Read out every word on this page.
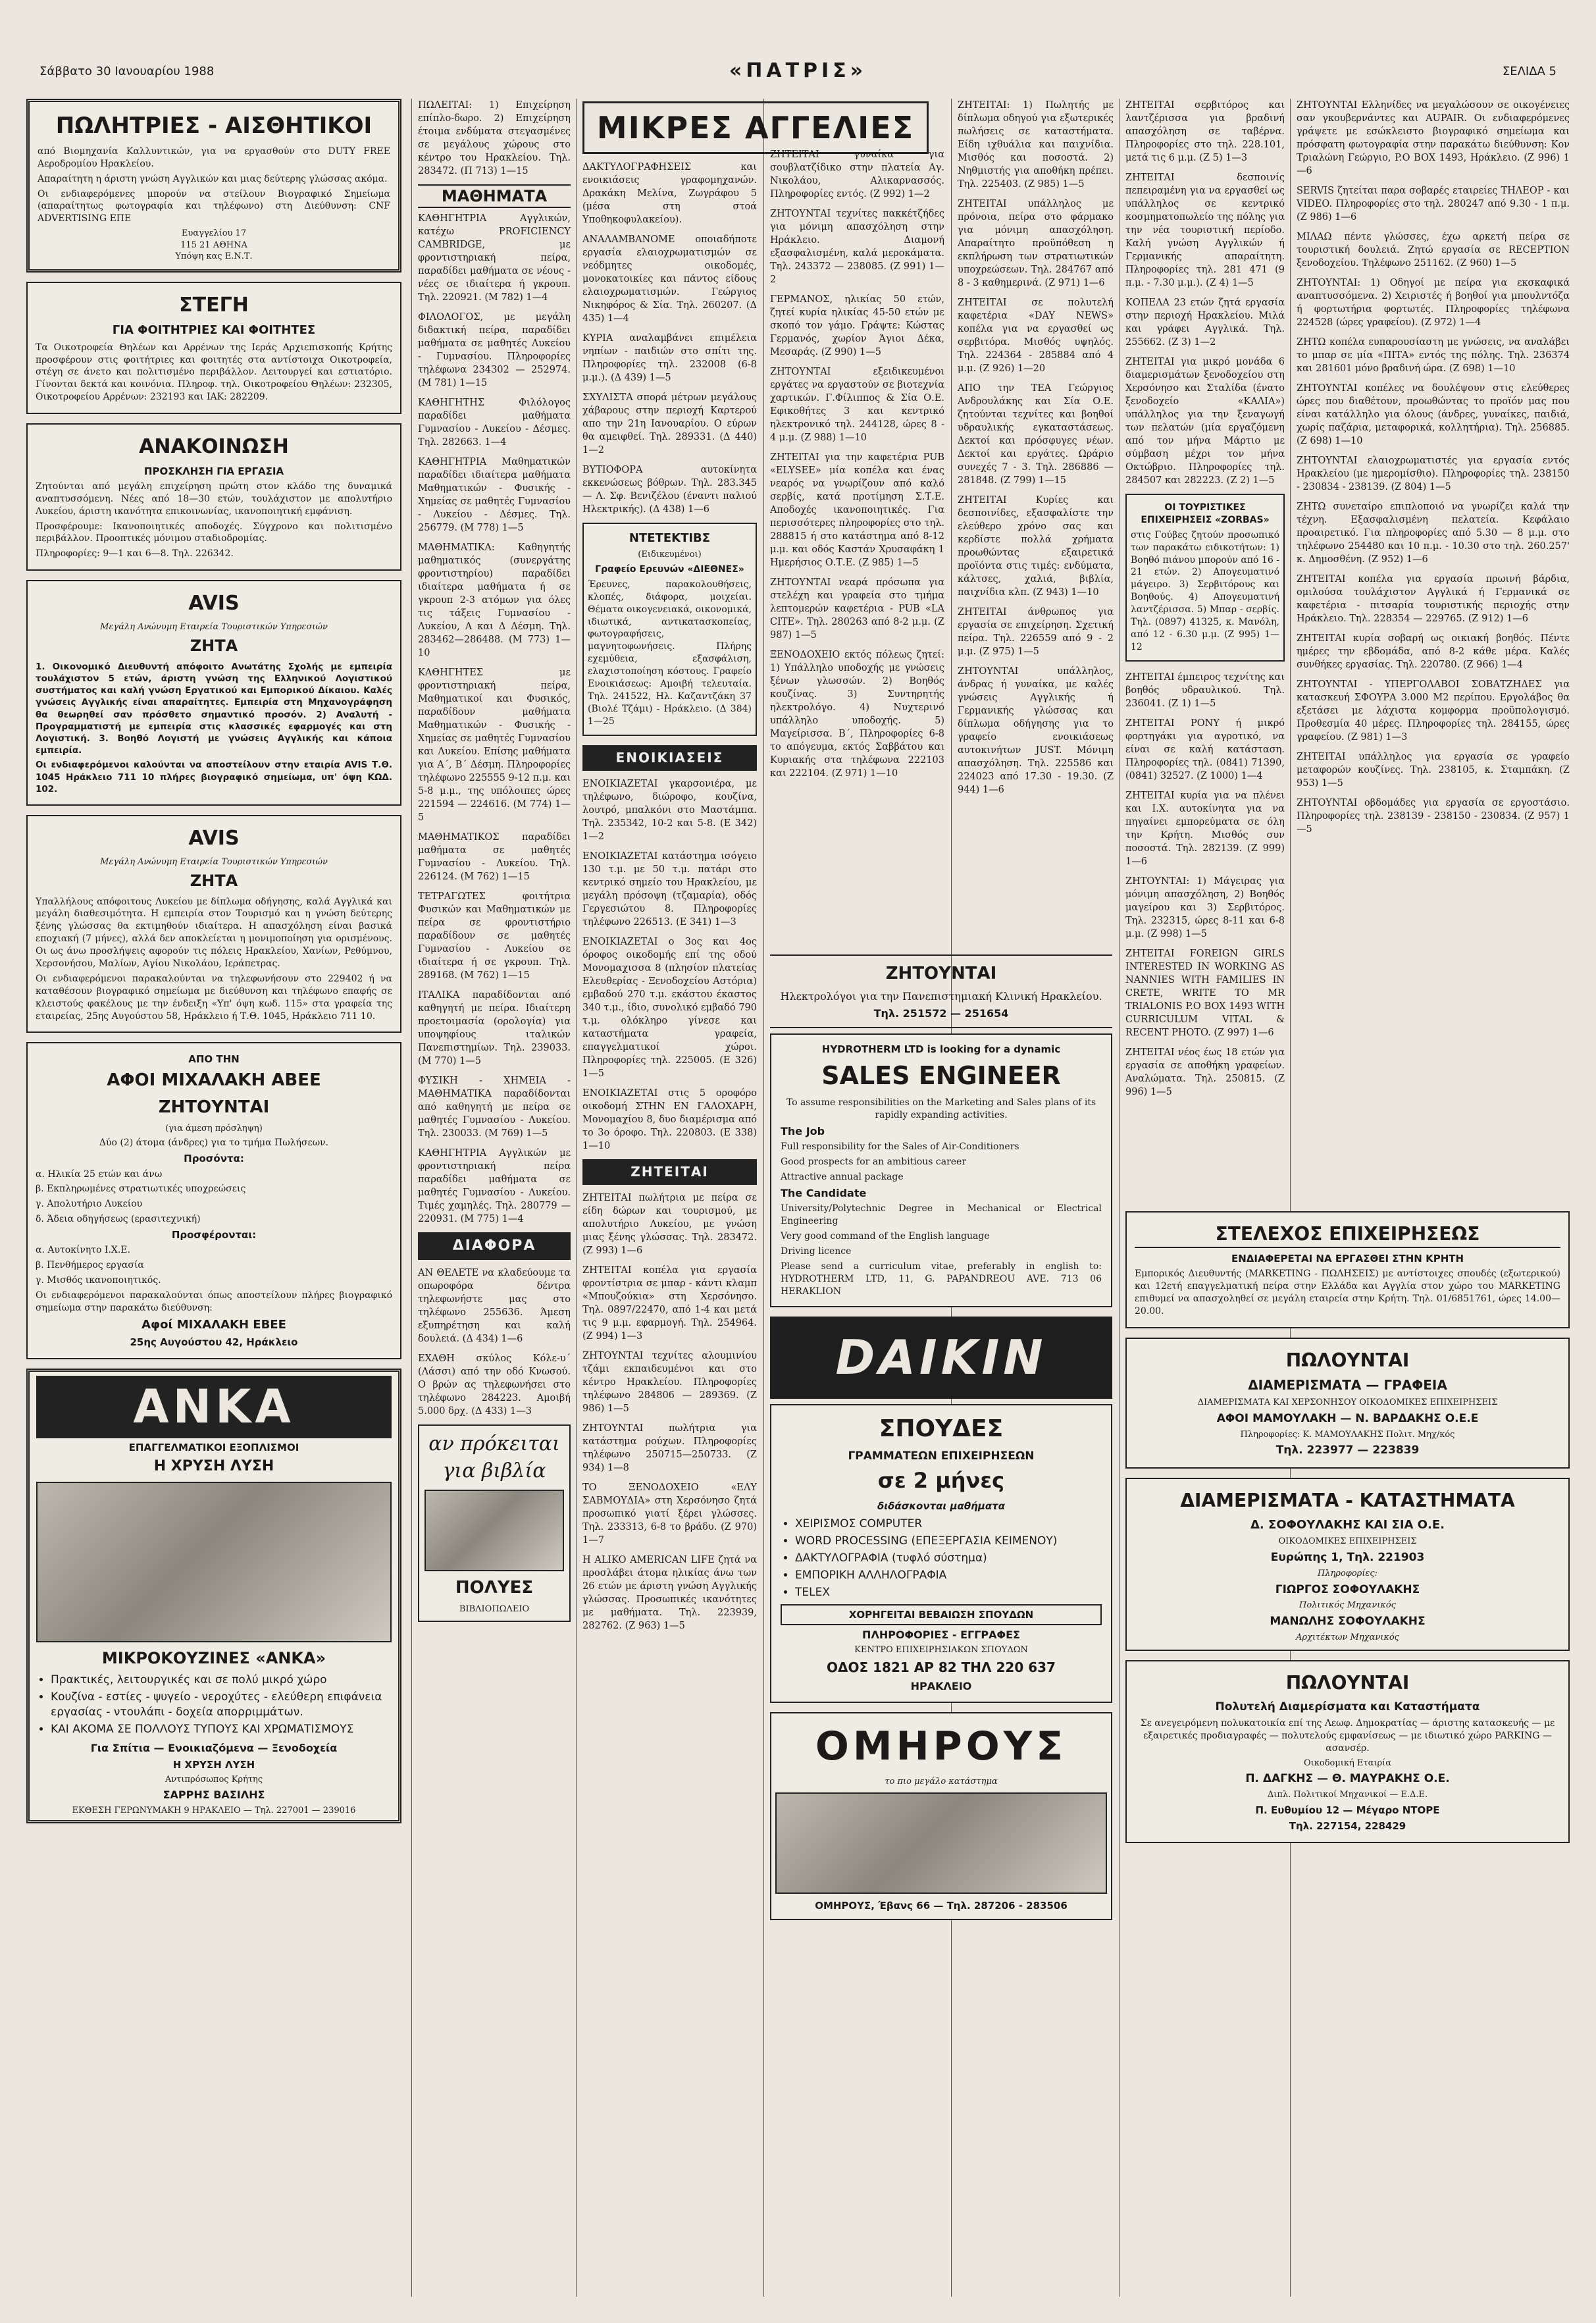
Σάββατο 30 Ιανουαρίου 1988	«ΠΑΤΡΙΣ»	ΣΕΛΙΔΑ 5
ΠΩΛΗΤΡΙΕΣ - ΑΙΣΘΗΤΙΚΟΙ
από Βιομηχανία Καλλυντικών, για να εργασθούν στο DUTY FREE Αεροδρομίου Ηρακλείου.
Απαραίτητη η άριστη γνώση Αγγλικών και μιας δεύτερης γλώσσας ακόμα.
Οι ενδιαφερόμενες μπορούν να στείλουν Βιογραφικό Σημείωμα (απαραίτητως φωτογραφία και τηλέφωνο) στη Διεύθυνση: CNF ADVERTISING ΕΠΕ
Ευαγγελίου 17
115 21 ΑΘΗΝΑ
Υπόψη κας Ε.Ν.Τ.
ΣΤΕΓΗ
ΓΙΑ ΦΟΙΤΗΤΡΙΕΣ ΚΑΙ ΦΟΙΤΗΤΕΣ
Τα Οικοτροφεία Θηλέων και Αρρένων της Ιεράς Αρχιεπισκοπής Κρήτης προσφέρουν στις φοιτήτριες και φοιτητές στα αντίστοιχα Οικοτροφεία, στέγη σε άνετο και πολιτισμένο περιβάλλον. Λειτουργεί και εστιατόριο. Γίνονται δεκτά και κοινόνια. Πληροφ. τηλ. Οικοτροφείου Θηλέων: 232305, Οικοτροφείου Αρρένων: 232193 και ΙΑΚ: 282209.
ΑΝΑΚΟΙΝΩΣΗ
ΠΡΟΣΚΛΗΣΗ ΓΙΑ ΕΡΓΑΣΙΑ
Ζητούνται από μεγάλη επιχείρηση πρώτη στον κλάδο της δυναμικά αναπτυσσόμενη. Νέες από 18—30 ετών, τουλάχιστον με απολυτήριο Λυκείου, άριστη ικανότητα επικοινωνίας, ικανοποιητική εμφάνιση.
Προσφέρουμε: Ικανοποιητικές αποδοχές. Σύγχρονο και πολιτισμένο περιβάλλον. Προοπτικές μόνιμου σταδιοδρομίας.
Πληροφορίες: 9—1 και 6—8. Τηλ. 226342.
AVIS
Μεγάλη Ανώνυμη Εταιρεία Τουριστικών Υπηρεσιών
ΖΗΤΑ
1. Οικονομικό Διευθυντή απόφοιτο Ανωτάτης Σχολής με εμπειρία τουλάχιστον 5 ετών, άριστη γνώση της Ελληνικού Λογιστικού συστήματος και καλή γνώση Εργατικού και Εμπορικού Δίκαιου. Καλές γνώσεις Αγγλικής είναι απαραίτητες. Εμπειρία στη Μηχανογράφηση θα θεωρηθεί σαν πρόσθετο σημαντικό προσόν. 2) Αναλυτή - Προγραμματιστή με εμπειρία στις κλασσικές εφαρμογές και στη Λογιστική. 3. Βοηθό Λογιστή με γνώσεις Αγγλικής και κάποια εμπειρία.
Οι ενδιαφερόμενοι καλούνται να αποστείλουν στην εταιρία AVIS Τ.Θ. 1045 Ηράκλειο 711 10 πλήρες βιογραφικό σημείωμα, υπ' όψη ΚΩΔ. 102.
AVIS
Μεγάλη Ανώνυμη Εταιρεία Τουριστικών Υπηρεσιών
ΖΗΤΑ
Υπαλλήλους απόφοιτους Λυκείου με δίπλωμα οδήγησης, καλά Αγγλικά και μεγάλη διαθεσιμότητα. Η εμπειρία στον Τουρισμό και η γνώση δεύτερης ξένης γλώσσας θα εκτιμηθούν ιδιαίτερα. Η απασχόληση είναι βασικά εποχιακή (7 μήνες), αλλά δεν αποκλείεται η μονιμοποίηση για ορισμένους. Οι ως άνω προσλήψεις αφορούν τις πόλεις Ηρακλείου, Χανίων, Ρεθύμνου, Χερσονήσου, Μαλίων, Αγίου Νικολάου, Ιεράπετρας.
Οι ενδιαφερόμενοι παρακαλούνται να τηλεφωνήσουν στο 229402 ή να καταθέσουν βιογραφικό σημείωμα με διεύθυνση και τηλέφωνο επαφής σε κλειστούς φακέλους με την ένδειξη «Υπ' όψη κωδ. 115» στα γραφεία της εταιρείας, 25ης Αυγούστου 58, Ηράκλειο ή Τ.Θ. 1045, Ηράκλειο 711 10.
ΑΠΟ ΤΗΝ
ΑΦΟΙ ΜΙΧΑΛΑΚΗ ΑΒΕΕ
ΖΗΤΟΥΝΤΑΙ
(για άμεση πρόσληψη)
Δύο (2) άτομα (άνδρες) για το τμήμα Πωλήσεων.
Προσόντα:
α. Ηλικία 25 ετών και άνω
β. Εκπληρωμένες στρατιωτικές υποχρεώσεις
γ. Απολυτήριο Λυκείου
δ. Άδεια οδηγήσεως (ερασιτεχνική)
Προσφέρονται:
α. Αυτοκίνητο Ι.Χ.Ε.
β. Πενθήμερος εργασία
γ. Μισθός ικανοποιητικός.
Οι ενδιαφερόμενοι παρακαλούνται όπως αποστείλουν πλήρες βιογραφικό σημείωμα στην παρακάτω διεύθυνση:
Αφοί ΜΙΧΑΛΑΚΗ ΕΒΕΕ
25ης Αυγούστου 42, Ηράκλειο
ΑΝΚΑ
ΕΠΑΓΓΕΛΜΑΤΙΚΟΙ ΕΞΟΠΛΙΣΜΟΙ
Η ΧΡΥΣΗ ΛΥΣΗ
ΜΙΚΡΟΚΟΥΖΙΝΕΣ «ΑΝΚΑ»
• Πρακτικές, λειτουργικές και σε πολύ μικρό χώρο
• Κουζίνα - εστίες - ψυγείο - νεροχύτες - ελεύθερη επιφάνεια εργασίας - ντουλάπι - δοχεία απορριμμάτων.
• ΚΑΙ ΑΚΟΜΑ ΣΕ ΠΟΛΛΟΥΣ ΤΥΠΟΥΣ ΚΑΙ ΧΡΩΜΑΤΙΣΜΟΥΣ
Για Σπίτια — Ενοικιαζόμενα — Ξενοδοχεία
Η ΧΡΥΣΗ ΛΥΣΗ
Αντιπρόσωπος Κρήτης
ΣΑΡΡΗΣ ΒΑΣΙΛΗΣ
ΕΚΘΕΣΗ ΓΕΡΩΝΥΜΑΚΗ 9 ΗΡΑΚΛΕΙΟ — Τηλ. 227001 — 239016
ΠΩΛΕΙΤΑΙ: 1) Επιχείρηση επίπλο-δωρο. 2) Επιχείρηση έτοιμα ενδύματα στεγασμένες σε μεγάλους χώρους στο κέντρο του Ηρακλείου. Τηλ. 283472. (Π 713) 1—15
ΜΑΘΗΜΑΤΑ
ΚΑΘΗΓΗΤΡΙΑ Αγγλικών, κατέχω PROFICIENCY CAMBRIDGE, με φροντιστηριακή πείρα, παραδίδει μαθήματα σε νέους - νέες σε ιδιαίτερα ή γκρουπ. Τηλ. 220921. (Μ 782) 1—4
ΦΙΛΟΛΟΓΟΣ, με μεγάλη διδακτική πείρα, παραδίδει μαθήματα σε μαθητές Λυκείου - Γυμνασίου. Πληροφορίες τηλέφωνα 234302 — 252974. (Μ 781) 1—15
ΚΑΘΗΓΗΤΗΣ Φιλόλογος παραδίδει μαθήματα Γυμνασίου - Λυκείου - Δέσμες. Τηλ. 282663. 1—4
ΚΑΘΗΓΗΤΡΙΑ Μαθηματικών παραδίδει ιδιαίτερα μαθήματα Μαθηματικών - Φυσικής - Χημείας σε μαθητές Γυμνασίου - Λυκείου - Δέσμες. Τηλ. 256779. (Μ 778) 1—5
ΜΑΘΗΜΑΤΙΚΑ: Καθηγητής μαθηματικός (συνεργάτης φροντιστηρίου) παραδίδει ιδιαίτερα μαθήματα ή σε γκρουπ 2-3 ατόμων για όλες τις τάξεις Γυμνασίου - Λυκείου, Α και Δ Δέσμη. Τηλ. 283462—286488. (Μ 773) 1—10
ΚΑΘΗΓΗΤΕΣ με φροντιστηριακή πείρα, Μαθηματικοί και Φυσικός, παραδίδουν μαθήματα Μαθηματικών - Φυσικής - Χημείας σε μαθητές Γυμνασίου και Λυκείου. Επίσης μαθήματα για Α΄, Β΄ Δέσμη. Πληροφορίες τηλέφωνο 225555 9-12 π.μ. και 5-8 μ.μ., της υπόλοιπες ώρες 221594 — 224616. (Μ 774) 1—5
ΜΑΘΗΜΑΤΙΚΟΣ παραδίδει μαθήματα σε μαθητές Γυμνασίου - Λυκείου. Τηλ. 226124. (Μ 762) 1—15
ΤΕΤΡΑΓΩΤΕΣ φοιτήτρια Φυσικών και Μαθηματικών με πείρα σε φροντιστήριο παραδίδουν σε μαθητές Γυμνασίου - Λυκείου σε ιδιαίτερα ή σε γκρουπ. Τηλ. 289168. (Μ 762) 1—15
ΙΤΑΛΙΚΑ παραδίδονται από καθηγητή με πείρα. Ιδιαίτερη προετοιμασία (ορολογία) για υποψηφίους ιταλικών Πανεπιστημίων. Τηλ. 239033. (Μ 770) 1—5
ΦΥΣΙΚΗ - ΧΗΜΕΙΑ - ΜΑΘΗΜΑΤΙΚΑ παραδίδονται από καθηγητή με πείρα σε μαθητές Γυμνασίου - Λυκείου. Τηλ. 230033. (Μ 769) 1—5
ΚΑΘΗΓΗΤΡΙΑ Αγγλικών με φροντιστηριακή πείρα παραδίδει μαθήματα σε μαθητές Γυμνασίου - Λυκείου. Τιμές χαμηλές. Τηλ. 280779 — 220931. (Μ 775) 1—4
ΔΙΑΦΟΡΑ
ΑΝ ΘΕΛΕΤΕ να κλαδεύουμε τα οπωροφόρα δέντρα τηλεφωνήστε μας στο τηλέφωνο 255636. Άμεση εξυπηρέτηση και καλή δουλειά. (Δ 434) 1—6
ΕΧΑΘΗ σκύλος Κόλε-υ΄ (Λάσσι) από την οδό Κνωσού. Ο βρών ας τηλεφωνήσει στο τηλέφωνο 284223. Αμοιβή 5.000 δρχ. (Δ 433) 1—3
αν πρόκειται
για βιβλία
ΠΟΛΥΕΣ
ΒΙΒΛΙΟΠΩΛΕΙΟ
ΜΙΚΡΕΣ ΑΓΓΕΛΙΕΣ
ΔΑΚΤΥΛΟΓΡΑΦΗΣΕΙΣ και ενοικιάσεις γραφομηχανών. Δρακάκη Μελίνα, Ζωγράφου 5 (μέσα στη στοά Υποθηκοφυλακείου).
ΑΝΑΛΑΜΒΑΝΟΜΕ οποιαδήποτε εργασία ελαιοχρωματισμών σε νεόδμητες οικοδομές, μονοκατοικίες και πάντος είδους ελαιοχρωματισμών. Γεώργιος Νικηφόρος & Σία. Τηλ. 260207. (Δ 435) 1—4
ΚΥΡΙΑ αναλαμβάνει επιμέλεια νηπίων - παιδιών στο σπίτι της. Πληροφορίες τηλ. 232008 (6-8 μ.μ.). (Δ 439) 1—5
ΣΧΥΛΙΣΤΑ σπορά μέτρων μεγάλους χάβαρους στην περιοχή Καρτερού απο την 21η Ιανουαρίου. Ο εύρων θα αμειφθεί. Τηλ. 289331. (Δ 440) 1—2
ΒΥΤΙΟΦΟΡΑ αυτοκίνητα εκκενώσεως βόθρων. Τηλ. 283.345 — Λ. Σφ. Βενιζέλου (έναντι παλιού Ηλεκτρικής). (Δ 438) 1—6
ΝΤΕΤΕΚΤΙΒΣ
(Ειδικευμένοι)
Γραφείο Ερευνών «ΔΙΕΘΝΕΣ»
Έρευνες, παρακολουθήσεις, κλοπές, διάφορα, μοιχείαι. Θέματα οικογενειακά, οικονομικά, ιδιωτικά, αντικατασκοπείας, φωτογραφήσεις, μαγνητοφωνήσεις. Πλήρης εχεμύθεια, εξασφάλιση, ελαχιστοποίηση κόστους. Γραφείο Ενοικιάσεως: Αμοιβή τελευταία. Τηλ. 241522, Ηλ. Καζαντζάκη 37 (Βιολέ Τζάμι) - Ηράκλειο. (Δ 384) 1—25
ΕΝΟΙΚΙΑΣΕΙΣ
ΕΝΟΙΚΙΑΖΕΤΑΙ γκαρσονιέρα, με τηλέφωνο, διώροφο, κουζίνα, λουτρό, μπαλκόνι στο Μαστάμπα. Τηλ. 235342, 10-2 και 5-8. (Ε 342) 1—2
ΕΝΟΙΚΙΑΖΕΤΑΙ κατάστημα ισόγειο 130 τ.μ. με 50 τ.μ. πατάρι στο κεντρικό σημείο του Ηρακλείου, με μεγάλη πρόσοψη (τζαμαρία), οδός Γεργεσιώτου 8. Πληροφορίες τηλέφωνο 226513. (Ε 341) 1—3
ΕΝΟΙΚΙΑΖΕΤΑΙ ο 3ος και 4ος όροφος οικοδομής επί της οδού Μονομαχισσα 8 (πλησίον πλατείας Ελευθερίας - Ξενοδοχείου Αστόρια) εμβαδού 270 τ.μ. εκάστου έκαστος 340 τ.μ., ίδιο, συνολικό εμβαδό 790 τ.μ. ολόκληρο γίνεσε και καταστήματα γραφεία, επαγγελματικοί χώροι. Πληροφορίες τηλ. 225005. (Ε 326) 1—5
ΕΝΟΙΚΙΑΖΕΤΑΙ στις 5 οροφόρο οικοδομή ΣΤΗΝ ΕΝ ΓΑΛΟΧΑΡΗ, Μονομαχίου 8, δυο διαμέρισμα από το 3ο όροφο. Τηλ. 220803. (Ε 338) 1—10
ΖΗΤΕΙΤΑΙ
ΖΗΤΕΙΤΑΙ πωλήτρια με πείρα σε είδη δώρων και τουρισμού, με απολυτήριο Λυκείου, με γνώση μιας ξένης γλώσσας. Τηλ. 283472. (Ζ 993) 1—6
ΖΗΤΕΙΤΑΙ κοπέλα για εργασία φροντίστρια σε μπαρ - κάντι κλαμπ «Μπουζούκια» στη Χερσόνησο. Τηλ. 0897/22470, από 1-4 και μετά τις 9 μ.μ. εφαρμογή. Τηλ. 254964. (Ζ 994) 1—3
ΖΗΤΟΥΝΤΑΙ τεχνίτες αλουμινίου τζάμι εκπαιδευμένοι και στο κέντρο Ηρακλείου. Πληροφορίες τηλέφωνο 284806 — 289369. (Ζ 986) 1—5
ΖΗΤΟΥΝΤΑΙ πωλήτρια για κατάστημα ρούχων. Πληροφορίες τηλέφωνο 250715—250733. (Ζ 934) 1—8
ΤΟ ΞΕΝΟΔΟΧΕΙΟ «ΕΛΥ ΣΑΒΜΟΥΔΙΑ» στη Χερσόνησο ζητά προσωπικό γιατί ξέρει γλώσσες. Τηλ. 233313, 6-8 το βράδυ. (Ζ 970) 1—7
H ALIKO AMERICAN LIFE ζητά να προσλάβει άτομα ηλικίας άνω των 26 ετών με άριστη γνώση Αγγλικής γλώσσας. Προσωπικές ικανότητες με μαθήματα. Τηλ. 223939, 282762. (Ζ 963) 1—5
ΖΗΤΕΙΤΑΙ γυναίκα για σουβλατζίδικο στην πλατεία Αγ. Νικολάου, Αλικαρνασσός. Πληροφορίες εντός. (Ζ 992) 1—2
ΖΗΤΟΥΝΤΑΙ τεχνίτες πακκέτζήδες για μόνιμη απασχόληση στην Ηράκλειο. Διαμονή εξασφαλισμένη, καλά μεροκάματα. Τηλ. 243372 — 238085. (Ζ 991) 1—2
ΓΕΡΜΑΝΟΣ, ηλικίας 50 ετών, ζητεί κυρία ηλικίας 45-50 ετών με σκοπό τον γάμο. Γράψτε: Κώστας Γερμανός, χωρίον Άγιοι Δέκα, Μεσαράς. (Ζ 990) 1—5
ΖΗΤΟΥΝΤΑΙ εξειδικευμένοι εργάτες να εργαστούν σε βιοτεχνία χαρτικών. Γ.Φίλιππος & Σία Ο.Ε. Εφικοθήτες 3 και κεντρικό ηλεκτρονικό τηλ. 244128, ώρες 8 - 4 μ.μ. (Ζ 988) 1—10
ΖΗΤΕΙΤΑΙ για την καφετέρια PUB «ELYSEE» μία κοπέλα και ένας νεαρός να γνωρίζουν από καλό σερβίς, κατά προτίμηση Σ.Τ.Ε. Αποδοχές ικανοποιητικές. Για περισσότερες πληροφορίες στο τηλ. 288815 ή στο κατάστημα από 8-12 μ.μ. και οδός Καστάν Χρυσαφάκη 1 Ημερήσιος Ο.Τ.Ε. (Ζ 985) 1—5
ΖΗΤΟΥΝΤΑΙ νεαρά πρόσωπα για στελέχη και γραφεία στο τμήμα λεπτομερών καφετέρια - PUB «LA CITE». Τηλ. 280263 από 8-2 μ.μ. (Ζ 987) 1—5
ΞΕΝΟΔΟΧΕΙΟ εκτός πόλεως ζητεί: 1) Υπάλληλο υποδοχής με γνώσεις ξένων γλωσσών. 2) Βοηθός κουζίνας. 3) Συντηρητής ηλεκτρολόγο. 4) Νυχτερινό υπάλληλο υποδοχής. 5) Μαγείρισσα. Β΄, Πληροφορίες 6-8 το απόγευμα, εκτός Σαββάτου και Κυριακής στα τηλέφωνα 222103 και 222104. (Ζ 971) 1—10
ΖΗΤΟΥΝΤΑΙ
Ηλεκτρολόγοι για την Πανεπιστημιακή Κλινική Ηρακλείου.
Τηλ. 251572 — 251654
HYDROTHERM LTD is looking for a dynamic
SALES ENGINEER
To assume responsibilities on the Marketing and Sales plans of its rapidly expanding activities.
The Job
Full responsibility for the Sales of Air-Conditioners
Good prospects for an ambitious career
Attractive annual package
The Candidate
University/Polytechnic Degree in Mechanical or Electrical Engineering
Very good command of the English language
Driving licence
Please send a curriculum vitae, preferably in english to: HYDROTHERM LTD, 11, G. PAPANDREOU AVE. 713 06 HERAKLION
DAIKIN
ΣΠΟΥΔΕΣ
ΓΡΑΜΜΑΤΕΩΝ ΕΠΙΧΕΙΡΗΣΕΩΝ
σε 2 μήνες
διδάσκονται μαθήματα
• ΧΕΙΡΙΣΜΟΣ COMPUTER
• WORD PROCESSING (ΕΠΕΞΕΡΓΑΣΙΑ ΚΕΙΜΕΝΟΥ)
• ΔΑΚΤΥΛΟΓΡΑΦΙΑ (τυφλό σύστημα)
• ΕΜΠΟΡΙΚΗ ΑΛΛΗΛΟΓΡΑΦΙΑ
• TELEX
ΧΟΡΗΓΕΙΤΑΙ ΒΕΒΑΙΩΣΗ ΣΠΟΥΔΩΝ
ΠΛΗΡΟΦΟΡΙΕΣ - ΕΓΓΡΑΦΕΣ
ΚΕΝΤΡΟ ΕΠΙΧΕΙΡΗΣΙΑΚΩΝ ΣΠΟΥΔΩΝ
ΟΔΟΣ 1821 ΑΡ 82 ΤΗΛ 220 637
ΗΡΑΚΛΕΙΟ
ΟΜΗΡΟΥΣ
το πιο μεγάλο κατάστημα
ΟΜΗΡΟΥΣ, Έβανς 66 — Τηλ. 287206 - 283506
ΖΗΤΕΙΤΑΙ: 1) Πωλητής με δίπλωμα οδηγού για εξωτερικές πωλήσεις σε καταστήματα. Είδη ιχθυάλια και παιχνίδια. Μισθός και ποσοστά. 2) Νηθμιστής για αποθήκη πρέπει. Τηλ. 225403. (Ζ 985) 1—5
ΖΗΤΕΙΤΑΙ υπάλληλος με πρόνοια, πείρα στο φάρμακο για μόνιμη απασχόληση. Απαραίτητο προϋπόθεση η εκπλήρωση των στρατιωτικών υποχρεώσεων. Τηλ. 284767 από 8 - 3 καθημερινά. (Ζ 971) 1—6
ΖΗΤΕΙΤΑΙ σε πολυτελή καφετέρια «DAY NEWS» κοπέλα για να εργασθεί ως σερβιτόρα. Μισθός υψηλός. Τηλ. 224364 - 285884 από 4 μ.μ. (Ζ 926) 1—20
ΑΠΟ την ΤΕΑ Γεώργιος Ανδρουλάκης και Σία Ο.Ε. ζητούνται τεχνίτες και βοηθοί υδραυλικής εγκαταστάσεως. Δεκτοί και πρόσφυγες νέων. Δεκτοί και εργάτες. Ωράριο συνεχές 7 - 3. Τηλ. 286886 — 281848. (Ζ 799) 1—15
ΖΗΤΕΙΤΑΙ Κυρίες και δεσποινίδες, εξασφαλίστε την ελεύθερο χρόνο σας και κερδίστε πολλά χρήματα προωθώντας εξαιρετικά προϊόντα στις τιμές: ενδύματα, κάλτσες, χαλιά, βιβλία, παιχνίδια κλπ. (Ζ 943) 1—10
ΖΗΤΕΙΤΑΙ άνθρωπος για εργασία σε επιχείρηση. Σχετική πείρα. Τηλ. 226559 από 9 - 2 μ.μ. (Ζ 975) 1—5
ΖΗΤΟΥΝΤΑΙ υπάλληλος, άνδρας ή γυναίκα, με καλές γνώσεις Αγγλικής ή Γερμανικής γλώσσας και δίπλωμα οδήγησης για το γραφείο ενοικιάσεως αυτοκινήτων JUST. Μόνιμη απασχόληση. Τηλ. 225586 και 224023 από 17.30 - 19.30. (Ζ 944) 1—6
ΖΗΤΕΙΤΑΙ σερβιτόρος και λαντζέρισσα για βραδινή απασχόληση σε ταβέρνα. Πληροφορίες στο τηλ. 228.101, μετά τις 6 μ.μ. (Ζ 5) 1—3
ΖΗΤΕΙΤΑΙ δεσποινίς πεπειραμένη για να εργασθεί ως υπάλληλος σε κεντρικό κοσμηματοπωλείο της πόλης για την νέα τουριστική περίοδο. Καλή γνώση Αγγλικών ή Γερμανικής απαραίτητη. Πληροφορίες τηλ. 281 471 (9 π.μ. - 7.30 μ.μ.). (Ζ 4) 1—5
ΚΟΠΕΛΑ 23 ετών ζητά εργασία στην περιοχή Ηρακλείου. Μιλά και γράφει Αγγλικά. Τηλ. 255662. (Ζ 3) 1—2
ΖΗΤΕΙΤΑΙ για μικρό μονάδα 6 διαμερισμάτων ξενοδοχείου στη Χερσόνησο και Σταλίδα (ένατο ξενοδοχείο «ΚΑΛΙΑ») υπάλληλος για την ξεναγωγή των πελατών (μία εργαζόμενη από τον μήνα Μάρτιο με σύμβαση μέχρι τον μήνα Οκτώβριο. Πληροφορίες τηλ. 284507 και 282223. (Ζ 2) 1—5
ΟΙ ΤΟΥΡΙΣΤΙΚΕΣ ΕΠΙΧΕΙΡΗΣΕΙΣ «ZORBAS»
στις Γούβες ζητούν προσωπικό των παρακάτω ειδικοτήτων: 1) Βοηθό πιάνου μπορούν από 16 - 21 ετών. 2) Απογευματινό μάγειρο. 3) Σερβιτόρους και Βοηθούς. 4) Απογευματινή λαντζέρισσα. 5) Μπαρ - σερβίς. Τηλ. (0897) 41325, κ. Μανόλη, από 12 - 6.30 μ.μ. (Ζ 995) 1—12
ΖΗΤΕΙΤΑΙ έμπειρος τεχνίτης και βοηθός υδραυλικού. Τηλ. 236041. (Ζ 1) 1—5
ΖΗΤΕΙΤΑΙ ΡΟΝΥ ή μικρό φορτηγάκι για αγροτικό, να είναι σε καλή κατάσταση. Πληροφορίες τηλ. (0841) 71390, (0841) 32527. (Ζ 1000) 1—4
ΖΗΤΕΙΤΑΙ κυρία για να πλένει και Ι.Χ. αυτοκίνητα για να πηγαίνει εμπορεύματα σε όλη την Κρήτη. Μισθός συν ποσοστά. Τηλ. 282139. (Ζ 999) 1—6
ΖΗΤΟΥΝΤΑΙ: 1) Μάγειρας για μόνιμη απασχόληση, 2) Βοηθός μαγείρου και 3) Σερβιτόρος. Τηλ. 232315, ώρες 8-11 και 6-8 μ.μ. (Ζ 998) 1—5
ΖΗΤΕΙΤΑΙ FOREIGN GIRLS INTERESTED IN WORKING AS NANNIES WITH FAMILIES IN CRETE, WRITE TO MR TRIALONIS P.O BOX 1493 WITH CURRICULUM VITAL & RECENT PHOTO. (Ζ 997) 1—6
ΖΗΤΕΙΤΑΙ νέος έως 18 ετών για εργασία σε αποθήκη γραφείων. Αναλώματα. Τηλ. 250815. (Ζ 996) 1—5
ΖΗΤΟΥΝΤΑΙ Ελληνίδες να μεγαλώσουν σε οικογένειες σαν γκουβερνάντες και AUPAIR. Οι ενδιαφερόμενες γράψετε με εσώκλειστο βιογραφικό σημείωμα και πρόσφατη φωτογραφία στην παρακάτω διεύθυνση: Κον Τριαλώνη Γεώργιο, P.O BOX 1493, Ηράκλειο. (Ζ 996) 1—6
SERVIS ζητείται παρα σοβαρές εταιρείες ΤΗΛΕΟΡ - και VIDEO. Πληροφορίες στο τηλ. 280247 από 9.30 - 1 π.μ. (Ζ 986) 1—6
ΜΙΛΑΩ πέντε γλώσσες, έχω αρκετή πείρα σε τουριστική δουλειά. Ζητώ εργασία σε RECEPTION ξενοδοχείου. Τηλέφωνο 251162. (Ζ 960) 1—5
ΖΗΤΟΥΝΤΑΙ: 1) Οδηγοί με πείρα για εκσκαφικά αναπτυσσόμενα. 2) Χειριστές ή βοηθοί για μπουλντόζα ή φορτωτήρια φορτωτές. Πληροφορίες τηλέφωνα 224528 (ώρες γραφείου). (Ζ 972) 1—4
ΖΗΤΩ κοπέλα ευπαρουσίαστη με γνώσεις, να αναλάβει το μπαρ σε μία «ΠΙΤΑ» εντός της πόλης. Τηλ. 236374 και 281601 μόνο βραδινή ώρα. (Ζ 698) 1—10
ΖΗΤΟΥΝΤΑΙ κοπέλες να δουλέψουν στις ελεύθερες ώρες που διαθέτουν, προωθώντας το προϊόν μας που είναι κατάλληλο για όλους (άνδρες, γυναίκες, παιδιά, χωρίς παζάρια, μεταφορικά, κολλητήρια). Τηλ. 256885. (Ζ 698) 1—10
ΖΗΤΟΥΝΤΑΙ ελαιοχρωματιστές για εργασία εντός Ηρακλείου (με ημερομίσθιο). Πληροφορίες τηλ. 238150 - 230834 - 238139. (Ζ 804) 1—5
ΖΗΤΩ συνεταίρο επιπλοποιό να γνωρίζει καλά την τέχνη. Εξασφαλισμένη πελατεία. Κεφάλαιο προαιρετικό. Για πληροφορίες από 5.30 — 8 μ.μ. στο τηλέφωνο 254480 και 10 π.μ. - 10.30 στο τηλ. 260.257' κ. Δημοσθένη. (Ζ 952) 1—6
ΖΗΤΕΙΤΑΙ κοπέλα για εργασία πρωινή βάρδια, ομιλούσα τουλάχιστον Αγγλικά ή Γερμανικά σε καφετέρια - πιτσαρία τουριστικής περιοχής στην Ηράκλειο. Τηλ. 228354 — 229765. (Ζ 912) 1—6
ΖΗΤΕΙΤΑΙ κυρία σοβαρή ως οικιακή βοηθός. Πέντε ημέρες την εβδομάδα, από 8-2 κάθε μέρα. Καλές συνθήκες εργασίας. Τηλ. 220780. (Ζ 966) 1—4
ΖΗΤΟΥΝΤΑΙ - ΥΠΕΡΓΟΛΑΒΟΙ ΣΟΒΑΤΖΗΔΕΣ για κατασκευή ΣΦΟΥΡΑ 3.000 Μ2 περίπου. Εργολάβος θα εξετάσει με λάχιστα κομφορμα προϋπολογισμό. Προθεσμία 40 μέρες. Πληροφορίες τηλ. 284155, ώρες γραφείου. (Ζ 981) 1—3
ΖΗΤΕΙΤΑΙ υπάλληλος για εργασία σε γραφείο μεταφορών κουζίνες. Τηλ. 238105, κ. Σταμπάκη. (Ζ 953) 1—5
ΖΗΤΟΥΝΤΑΙ οβδομάδες για εργασία σε εργοστάσιο. Πληροφορίες τηλ. 238139 - 238150 - 230834. (Ζ 957) 1—5
ΣΤΕΛΕΧΟΣ ΕΠΙΧΕΙΡΗΣΕΩΣ
ΕΝΔΙΑΦΕΡΕΤΑΙ ΝΑ ΕΡΓΑΣΘΕΙ ΣΤΗΝ ΚΡΗΤΗ
Εμπορικός Διευθυντής (MARKETING - ΠΩΛΗΣΕΙΣ) με αντίστοιχες σπουδές (εξωτερικού) και 12ετή επαγγελματική πείρα στην Ελλάδα και Αγγλία στον χώρο του MARKETING επιθυμεί να απασχοληθεί σε μεγάλη εταιρεία στην Κρήτη. Τηλ. 01/6851761, ώρες 14.00—20.00.
ΠΩΛΟΥΝΤΑΙ
ΔΙΑΜΕΡΙΣΜΑΤΑ — ΓΡΑΦΕΙΑ
ΔΙΑΜΕΡΙΣΜΑΤΑ ΚΑΙ ΧΕΡΣΟΝΗΣΟΥ ΟΙΚΟΔΟΜΙΚΕΣ ΕΠΙΧΕΙΡΗΣΕΙΣ
ΑΦΟΙ ΜΑΜΟΥΛΑΚΗ — Ν. ΒΑΡΔΑΚΗΣ Ο.Ε.Ε
Πληροφορίες: Κ. ΜΑΜΟΥΛΑΚΗΣ Πολιτ. Μηχ/κός
Τηλ. 223977 — 223839
ΔΙΑΜΕΡΙΣΜΑΤΑ - ΚΑΤΑΣΤΗΜΑΤΑ
Δ. ΣΟΦΟΥΛΑΚΗΣ ΚΑΙ ΣΙΑ Ο.Ε.
ΟΙΚΟΔΟΜΙΚΕΣ ΕΠΙΧΕΙΡΗΣΕΙΣ
Ευρώπης 1, Τηλ. 221903
Πληροφορίες:
ΓΙΩΡΓΟΣ ΣΟΦΟΥΛΑΚΗΣ
Πολιτικός Μηχανικός
ΜΑΝΩΛΗΣ ΣΟΦΟΥΛΑΚΗΣ
Αρχιτέκτων Μηχανικός
ΠΩΛΟΥΝΤΑΙ
Πολυτελή Διαμερίσματα και Καταστήματα
Σε ανεγειρόμενη πολυκατοικία επί της Λεωφ. Δημοκρατίας — άριστης κατασκευής — με εξαιρετικές προδιαγραφές — πολυτελούς εμφανίσεως — με ιδιωτικό χώρο PARKING — ασανσέρ.
Οικοδομική Εταιρία
Π. ΔΑΓΚΗΣ — Θ. ΜΑΥΡΑΚΗΣ Ο.Ε.
Διπλ. Πολιτικοί Μηχανικοί — Ε.Δ.Ε.
Π. Ευθυμίου 12 — Μέγαρο ΝΤΟΡΕ
Τηλ. 227154, 228429
